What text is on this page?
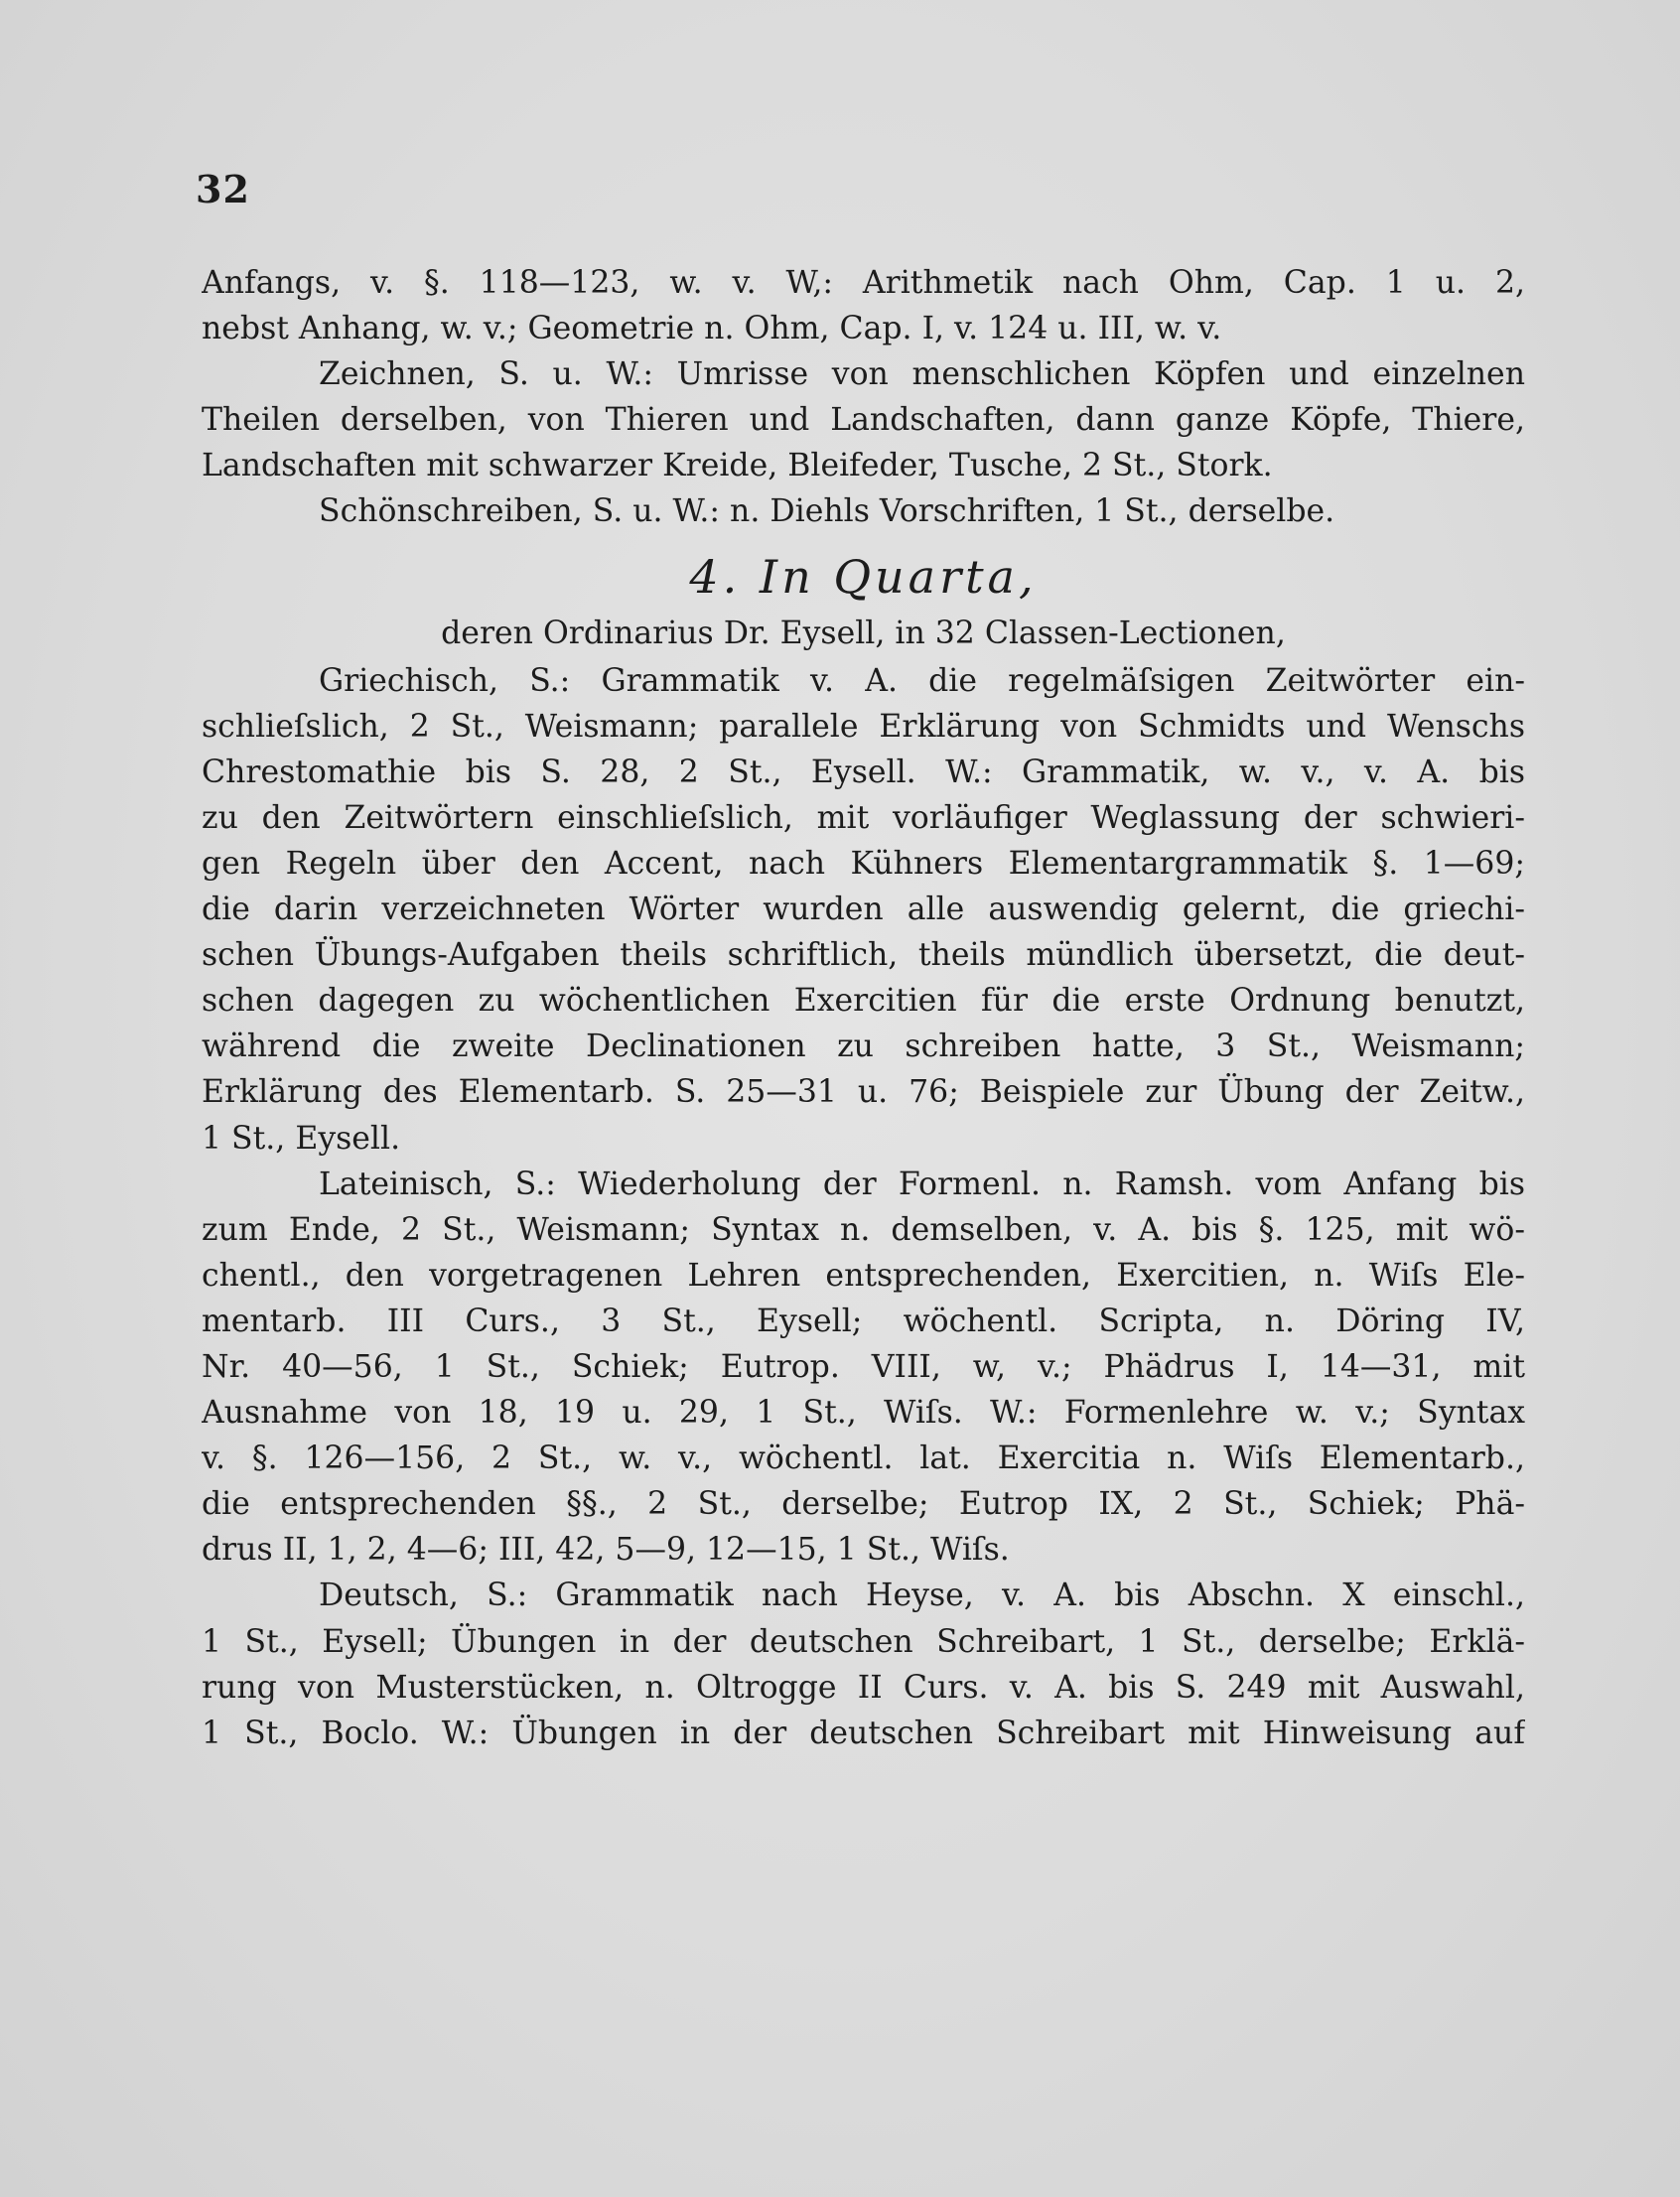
32
Anfangs, v. §. 118—123, w. v. W,: Arithmetik nach Ohm, Cap. 1 u. 2,
nebst Anhang, w. v.; Geometrie n. Ohm, Cap. I, v. 124 u. III, w. v.
Zeichnen, S. u. W.: Umrisse von menschlichen Köpfen und einzelnen
Theilen derselben, von Thieren und Landschaften, dann ganze Köpfe, Thiere,
Landschaften mit schwarzer Kreide, Bleifeder, Tusche, 2 St., Stork.
Schönschreiben, S. u. W.: n. Diehls Vorschriften, 1 St., derselbe.
4. In Quarta,
deren Ordinarius Dr. Eysell, in 32 Classen-Lectionen,
Griechisch, S.: Grammatik v. A. die regelmäſsigen Zeitwörter ein-
schlieſslich, 2 St., Weismann; parallele Erklärung von Schmidts und Wenschs
Chrestomathie bis S. 28, 2 St., Eysell. W.: Grammatik, w. v., v. A. bis
zu den Zeitwörtern einschlieſslich, mit vorläufiger Weglassung der schwieri-
gen Regeln über den Accent, nach Kühners Elementargrammatik §. 1—69;
die darin verzeichneten Wörter wurden alle auswendig gelernt, die griechi-
schen Übungs-Aufgaben theils schriftlich, theils mündlich übersetzt, die deut-
schen dagegen zu wöchentlichen Exercitien für die erste Ordnung benutzt,
während die zweite Declinationen zu schreiben hatte, 3 St., Weismann;
Erklärung des Elementarb. S. 25—31 u. 76; Beispiele zur Übung der Zeitw.,
1 St., Eysell.
Lateinisch, S.: Wiederholung der Formenl. n. Ramsh. vom Anfang bis
zum Ende, 2 St., Weismann; Syntax n. demselben, v. A. bis §. 125, mit wö-
chentl., den vorgetragenen Lehren entsprechenden, Exercitien, n. Wiſs Ele-
mentarb. III Curs., 3 St., Eysell; wöchentl. Scripta, n. Döring IV,
Nr. 40—56, 1 St., Schiek; Eutrop. VIII, w, v.; Phädrus I, 14—31, mit
Ausnahme von 18, 19 u. 29, 1 St., Wiſs. W.: Formenlehre w. v.; Syntax
v. §. 126—156, 2 St., w. v., wöchentl. lat. Exercitia n. Wiſs Elementarb.,
die entsprechenden §§., 2 St., derselbe; Eutrop IX, 2 St., Schiek; Phä-
drus II, 1, 2, 4—6; III, 42, 5—9, 12—15, 1 St., Wiſs.
Deutsch, S.: Grammatik nach Heyse, v. A. bis Abschn. X einschl.,
1 St., Eysell; Übungen in der deutschen Schreibart, 1 St., derselbe; Erklä-
rung von Musterstücken, n. Oltrogge II Curs. v. A. bis S. 249 mit Auswahl,
1 St., Boclo. W.: Übungen in der deutschen Schreibart mit Hinweisung auf
